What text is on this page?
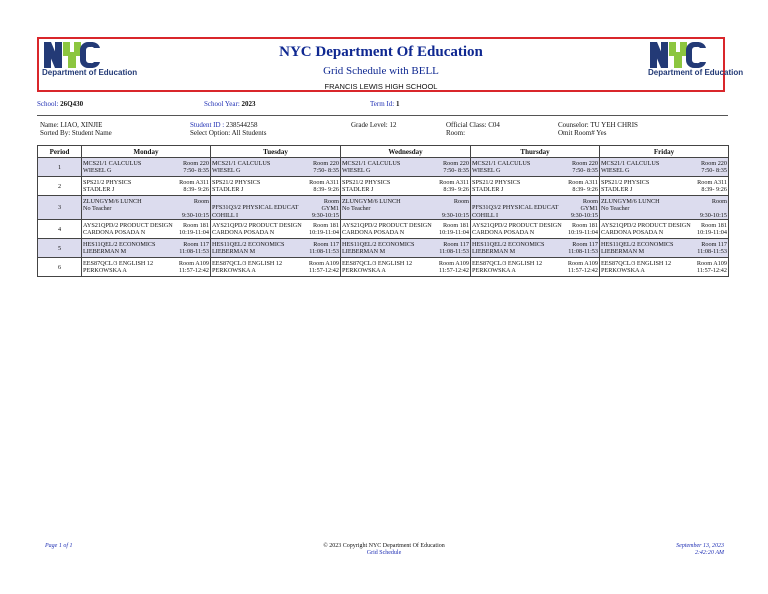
Department of Education
NYC Department Of Education
Grid Schedule with BELL
FRANCIS LEWIS HIGH SCHOOL
Department of Education
School: 26Q430	School Year: 2023	Term Id: 1
Name: LIAO, XINJIE
Sorted By: Student Name
Student ID : 238544258
Select Option: All Students
Grade Level: 12	Official Class: C04
Room:
Counselor: TU YEH CHRIS
Omit Room# Yes
Period	Monday	Tuesday	Wednesday	Thursday	Friday
1	MCS21/1 CALCULUS
WIESEL G
Room 220
7:50- 8:35	MCS21/1 CALCULUS
WIESEL G
Room 220
7:50- 8:35	MCS21/1 CALCULUS
WIESEL G
Room 220
7:50- 8:35	MCS21/1 CALCULUS
WIESEL G
Room 220
7:50- 8:35	MCS21/1 CALCULUS
WIESEL G
Room 220
7:50- 8:35

2	SPS21/2 PHYSICS
STADLER J
Room A311
8:39- 9:26	SPS21/2 PHYSICS
STADLER J
Room A311
8:39- 9:26	SPS21/2 PHYSICS
STADLER J
Room A311
8:39- 9:26	SPS21/2 PHYSICS
STADLER J
Room A311
8:39- 9:26	SPS21/2 PHYSICS
STADLER J
Room A311
8:39- 9:26

3	ZLUNGYM/6 LUNCH
No Teacher
Room
9:30-10:15	PFS31Q3/2 PHYSICAL EDUCAT
COHILL I
Room
GYM1
9:30-10:15	ZLUNGYM/6 LUNCH
No Teacher
Room
9:30-10:15	PFS31Q3/2 PHYSICAL EDUCAT
COHILL I
Room
GYM1
9:30-10:15	ZLUNGYM/6 LUNCH
No Teacher
Room
9:30-10:15

4	AYS21QPD/2 PRODUCT DESIGN
CARDONA POSADA N
Room 181
10:19-11:04	AYS21QPD/2 PRODUCT DESIGN
CARDONA POSADA N
Room 181
10:19-11:04	AYS21QPD/2 PRODUCT DESIGN
CARDONA POSADA N
Room 181
10:19-11:04	AYS21QPD/2 PRODUCT DESIGN
CARDONA POSADA N
Room 181
10:19-11:04	AYS21QPD/2 PRODUCT DESIGN
CARDONA POSADA N
Room 181
10:19-11:04

5	HES11QEL/2 ECONOMICS
LIEBERMAN M
Room 117
11:08-11:53	HES11QEL/2 ECONOMICS
LIEBERMAN M
Room 117
11:08-11:53	HES11QEL/2 ECONOMICS
LIEBERMAN M
Room 117
11:08-11:53	HES11QEL/2 ECONOMICS
LIEBERMAN M
Room 117
11:08-11:53	HES11QEL/2 ECONOMICS
LIEBERMAN M
Room 117
11:08-11:53

6	EES87QCL/3 ENGLISH 12
PERKOWSKA A
Room A109
11:57-12:42	EES87QCL/3 ENGLISH 12
PERKOWSKA A
Room A109
11:57-12:42	EES87QCL/3 ENGLISH 12
PERKOWSKA A
Room A109
11:57-12:42	EES87QCL/3 ENGLISH 12
PERKOWSKA A
Room A109
11:57-12:42	EES87QCL/3 ENGLISH 12
PERKOWSKA A
Room A109
11:57-12:42
Page 1 of 1	© 2023 Copyright NYC Department Of Education
Grid Schedule
September 13, 2023
2:42:20 AM
